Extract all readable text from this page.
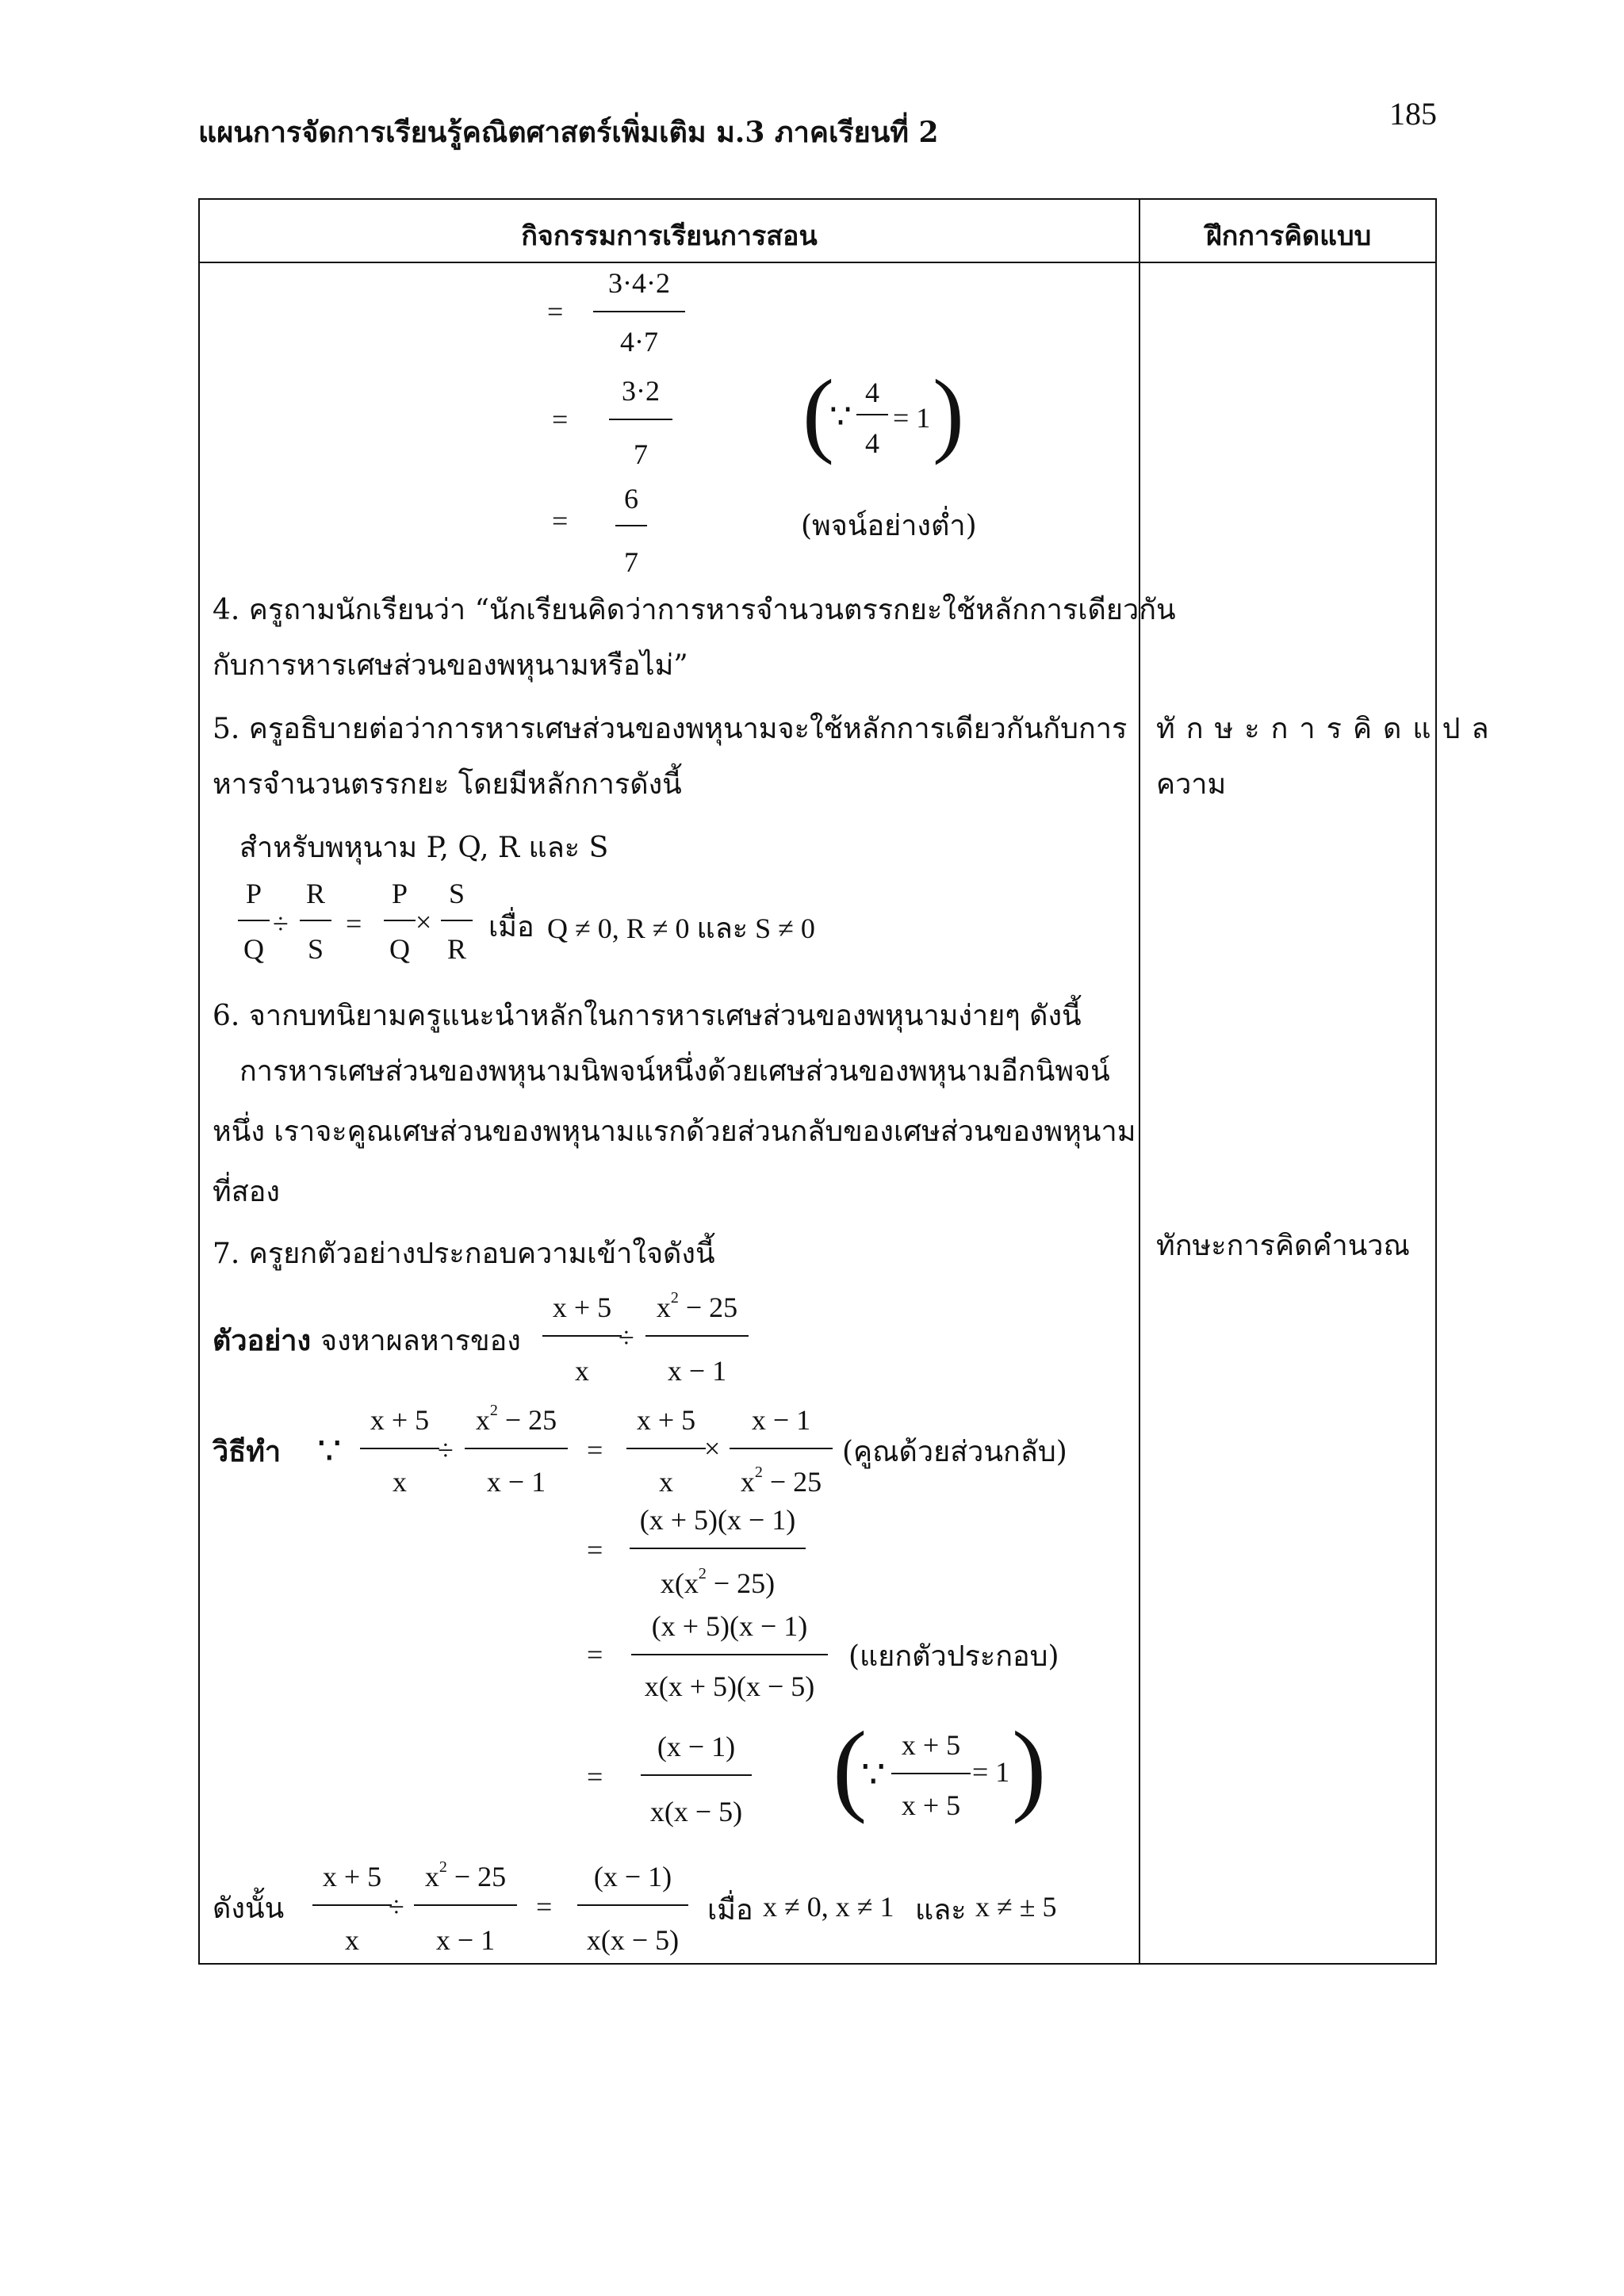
แผนการจัดการเรียนรู้คณิตศาสตร์เพิ่มเติม ม.3 ภาคเรียนที่ 2
185
กิจกรรมการเรียนการสอน	ฝึกการคิดแบบ
=
3·4·2
4·7
=
3·2
7 (
∵
4
4
= 1 )
=
6
7
(พจน์อย่างต่ำ)
4. ครูถามนักเรียนว่า “นักเรียนคิดว่าการหารจำนวนตรรกยะใช้หลักการเดียวกัน
กับการหารเศษส่วนของพหุนามหรือไม่”
5. ครูอธิบายต่อว่าการหารเศษส่วนของพหุนามจะใช้หลักการเดียวกันกับการ
หารจำนวนตรรกยะ โดยมีหลักการดังนี้
สำหรับพหุนาม P, Q, R และ S
P
Q
÷
R
S
=
P
Q
×
S
R
เมื่อ Q ≠ 0, R ≠ 0 และ S ≠ 0
6. จากบทนิยามครูแนะนำหลักในการหารเศษส่วนของพหุนามง่ายๆ ดังนี้
การหารเศษส่วนของพหุนามนิพจน์หนึ่งด้วยเศษส่วนของพหุนามอีกนิพจน์
หนึ่ง เราจะคูณเศษส่วนของพหุนามแรกด้วยส่วนกลับของเศษส่วนของพหุนาม
ที่สอง
7. ครูยกตัวอย่างประกอบความเข้าใจดังนี้
ตัวอย่าง จงหาผลหารของ
x + 5
x
÷
$x^2 - 25$
x − 1
วิธีทำ ∵
x + 5
x
÷
$x^2 - 25$
x − 1
=
x + 5
x
×
x − 1
$x^2 - 25$
(คูณด้วยส่วนกลับ)
=
(x + 5)(x − 1)
$x(x^2 - 25)$
=
(x + 5)(x − 1)
x(x + 5)(x − 5)
(แยกตัวประกอบ)
=
(x − 1)
x(x − 5) (
∵
x + 5
x + 5
= 1 )
ดังนั้น
x + 5
x
÷
$x^2 - 25$
x − 1
=
(x − 1)
x(x − 5)
เมื่อ x ≠ 0, x ≠ 1 และ x ≠ ± 5
ทักษะการคิดแปล
ความ
ทักษะการคิดคำนวณ
